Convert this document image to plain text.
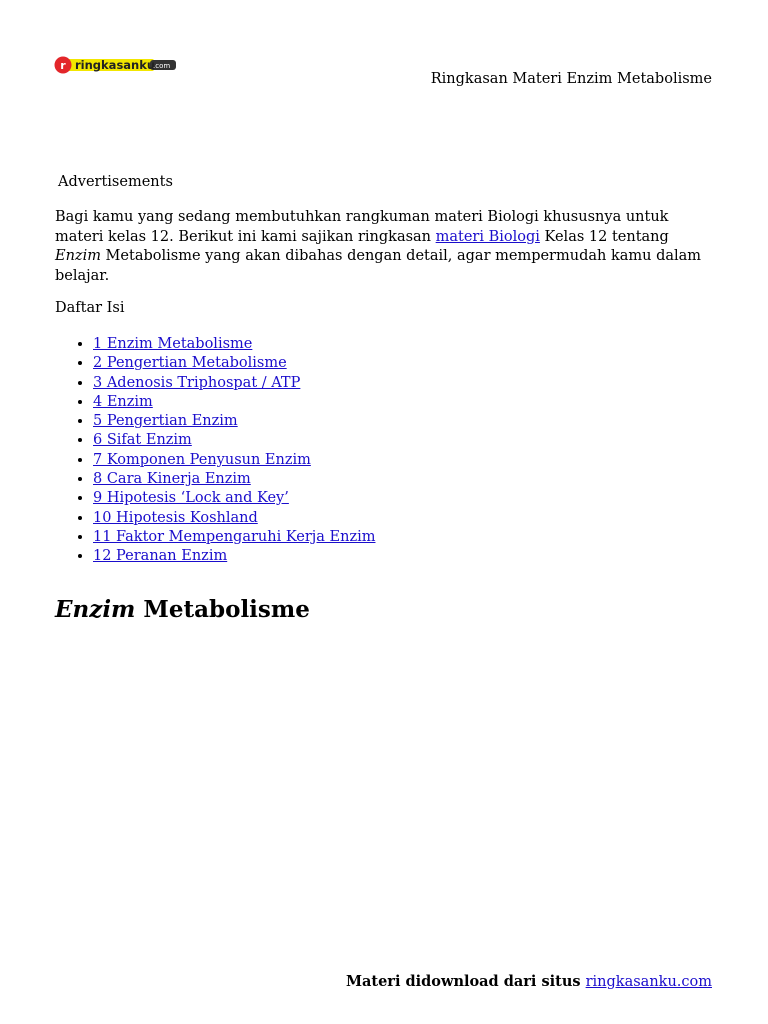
r ringkasanku
.com
Ringkasan Materi Enzim Metabolisme
Advertisements

Bagi kamu yang sedang membutuhkan rangkuman materi Biologi khususnya untuk materi kelas 12. Berikut ini kami sajikan ringkasan materi Biologi Kelas 12 tentang Enzim Metabolisme yang akan dibahas dengan detail, agar mempermudah kamu dalam belajar.

Daftar Isi
• 1 Enzim Metabolisme
• 2 Pengertian Metabolisme
• 3 Adenosis Triphospat / ATP
• 4 Enzim
• 5 Pengertian Enzim
• 6 Sifat Enzim
• 7 Komponen Penyusun Enzim
• 8 Cara Kinerja Enzim
• 9 Hipotesis ‘Lock and Key’
• 10 Hipotesis Koshland
• 11 Faktor Mempengaruhi Kerja Enzim
• 12 Peranan Enzim
Enzim Metabolisme
Materi didownload dari situs ringkasanku.com
